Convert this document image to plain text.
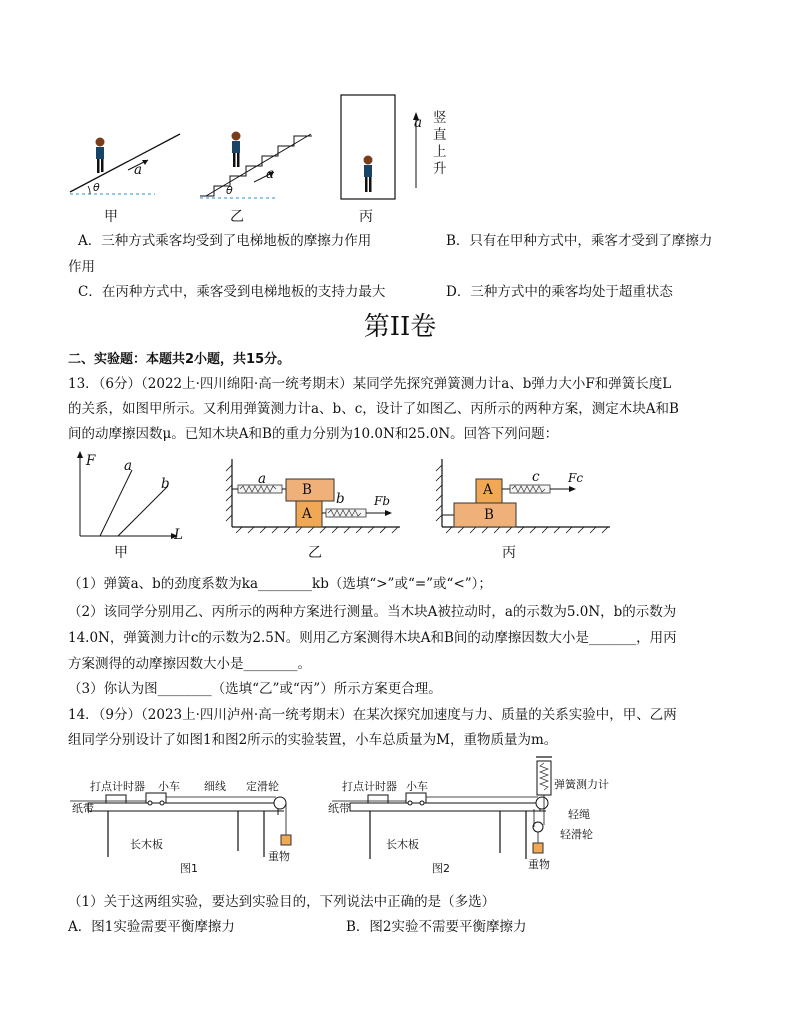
a
θ
甲
a
θ
乙
a 竖直上升
丙
A．三种方式乘客均受到了电梯地板的摩擦力作用	B．只有在甲种方式中，乘客才受到了摩擦力
作用
C．在丙种方式中，乘客受到电梯地板的支持力最大	D．三种方式中的乘客均处于超重状态
第II卷
二、实验题：本题共2小题，共15分。
13．（6分）（2022上·四川绵阳·高一统考期末）某同学先探究弹簧测力计a、b弹力大小F和弹簧长度L
的关系，如图甲所示。又利用弹簧测力计a、b、c，设计了如图乙、丙所示的两种方案，测定木块A和B
间的动摩擦因数μ。已知木块A和B的重力分别为10.0N和25.0N。回答下列问题：
F
L
a
b
甲
a
b
B
A
Fb
乙
A
B
c Fc
丙
（1）弹簧a、b的劲度系数为ka________kb（选填“>”或“=”或“<”）；
（2）该同学分别用乙、丙所示的两种方案进行测量。当木块A被拉动时，a的示数为5.0N，b的示数为
14.0N，弹簧测力计c的示数为2.5N。则用乙方案测得木块A和B间的动摩擦因数大小是_______，用丙
方案测得的动摩擦因数大小是________。
（3）你认为图________（选填“乙”或“丙”）所示方案更合理。
14．（9分）（2023上·四川泸州·高一统考期末）在某次探究加速度与力、质量的关系实验中，甲、乙两
组同学分别设计了如图1和图2所示的实验装置，小车总质量为M，重物质量为m。
打点计时器 小车 细线 定滑轮
纸带
长木板
重物
图1
打点计时器 小车	弹簧测力计
轻绳
轻滑轮
纸带
长木板
重物
图2
（1）关于这两组实验，要达到实验目的，下列说法中正确的是（多选）
A．图1实验需要平衡摩擦力	B．图2实验不需要平衡摩擦力
